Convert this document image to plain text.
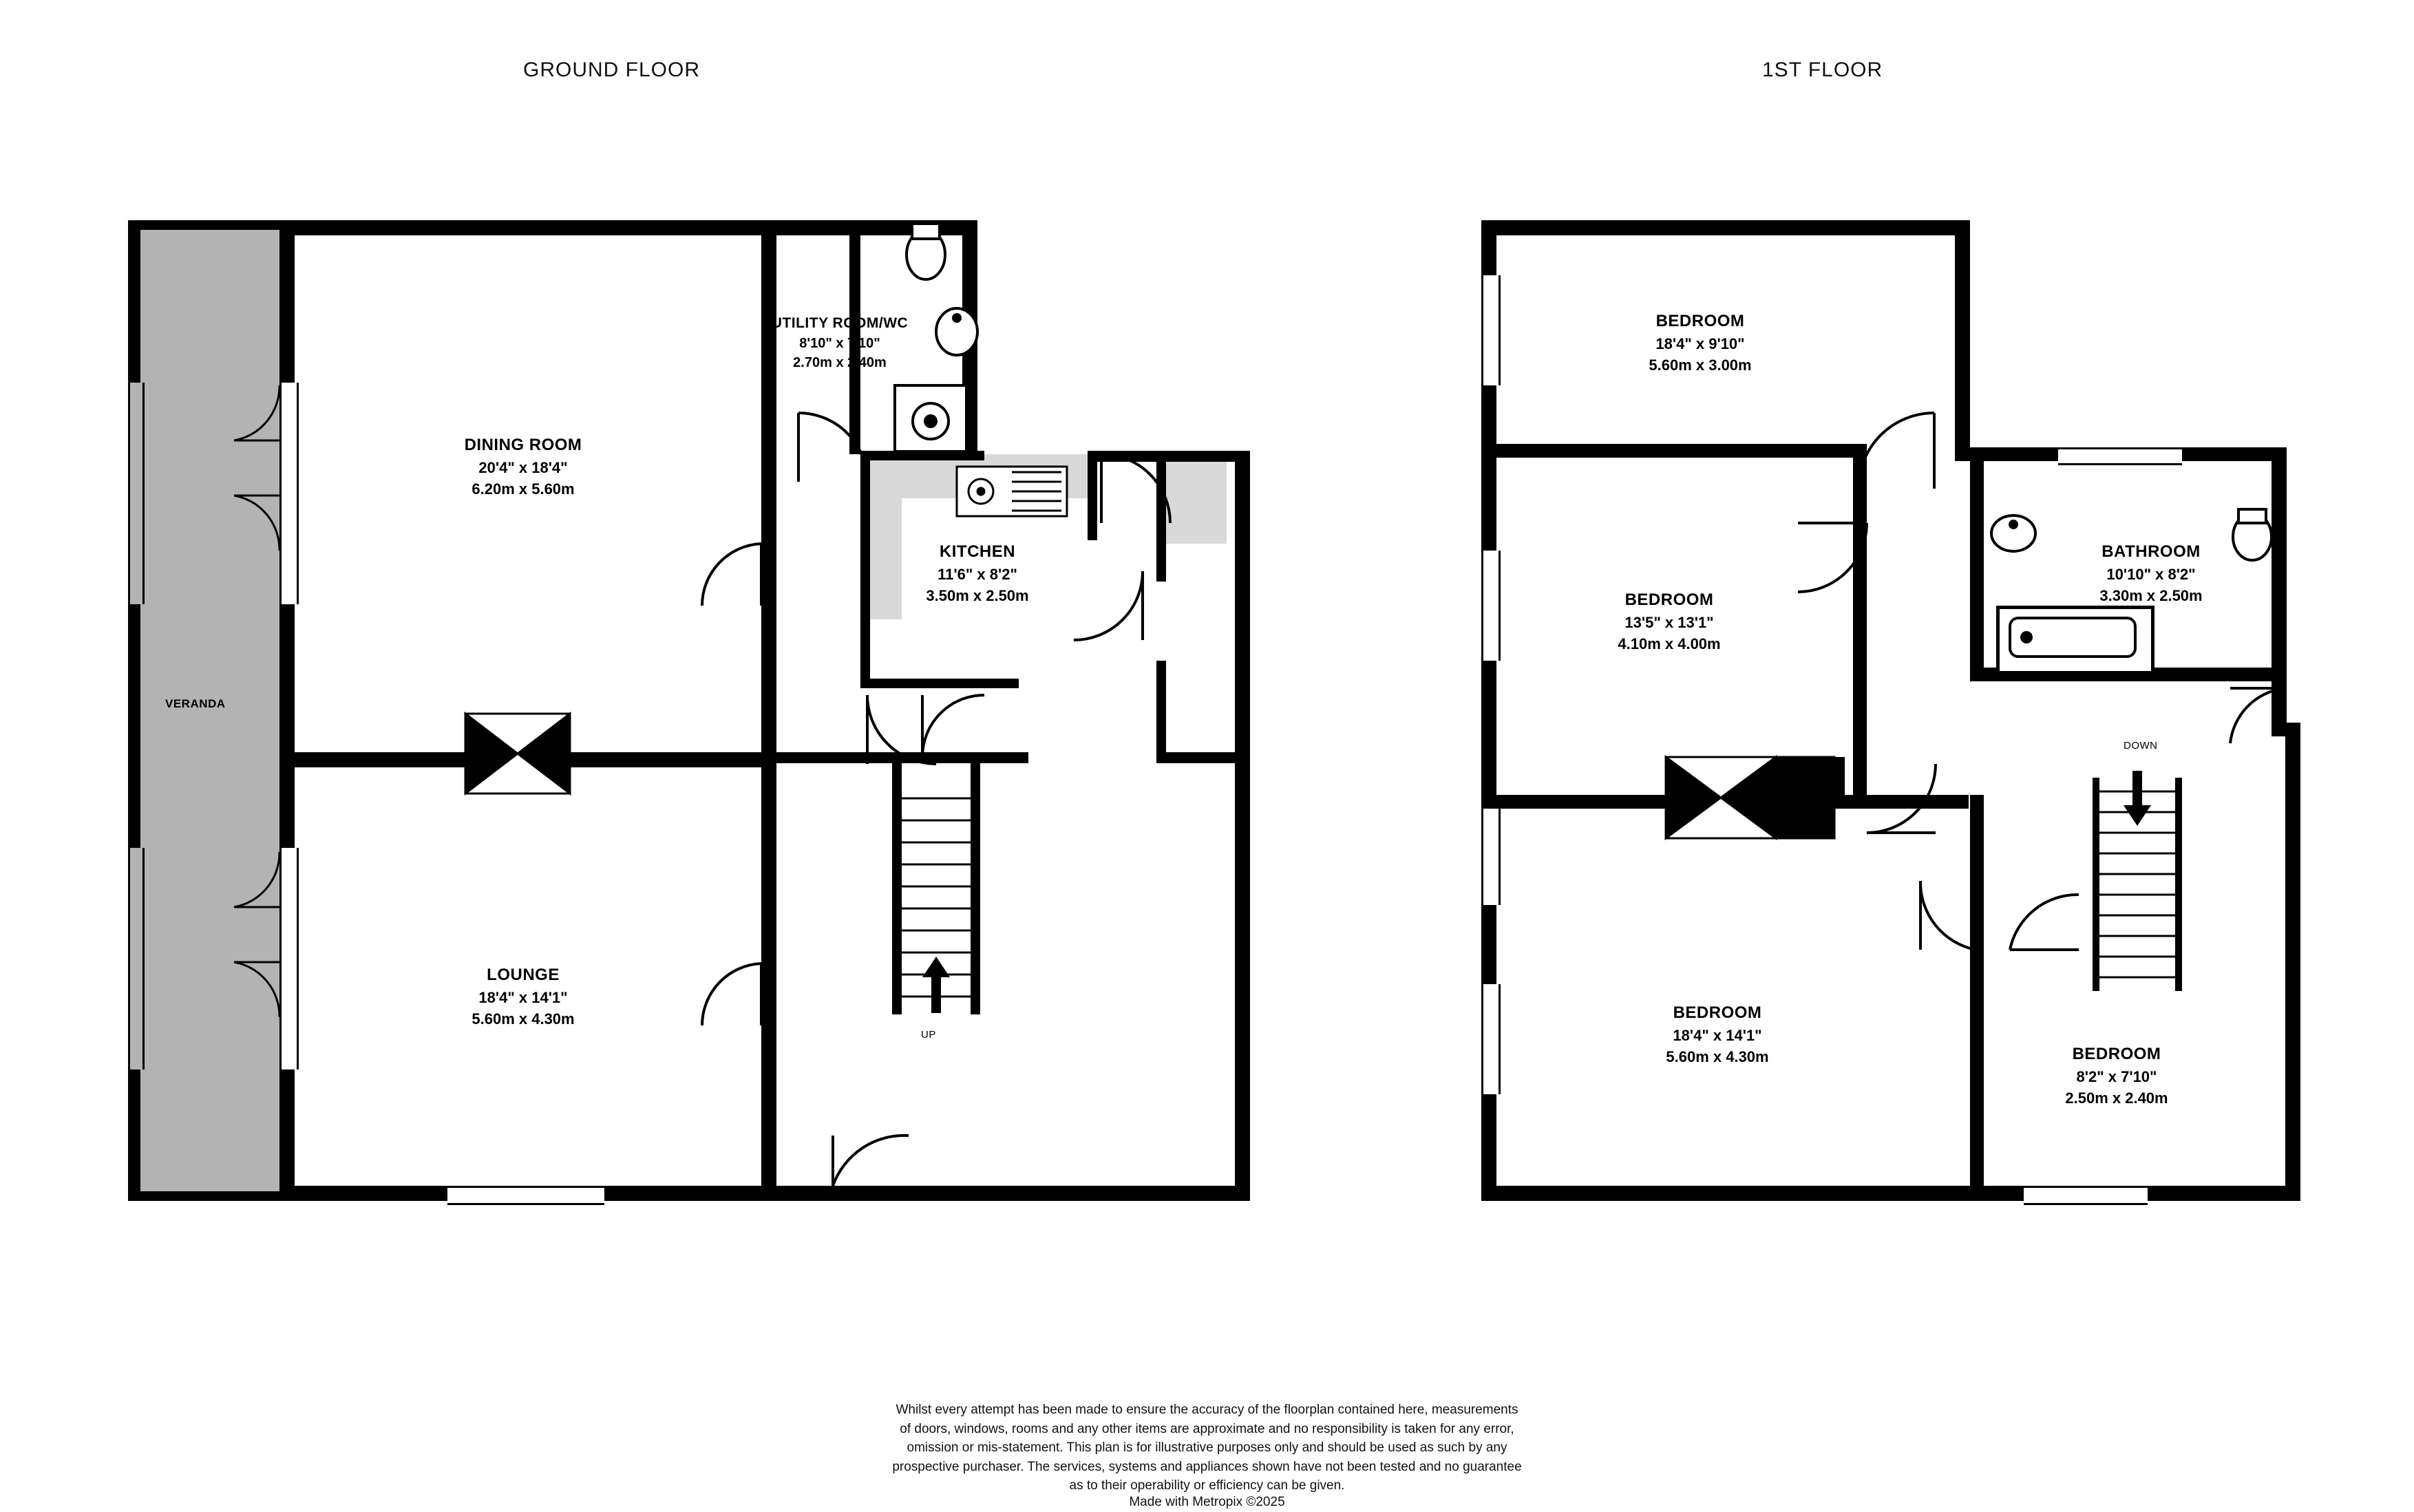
GROUND FLOOR	1ST FLOOR
DINING ROOM
20'4" x 18'4"
6.20m x 5.60m
UTILITY ROOM/WC
8'10" x 7'10"
2.70m x 2.40m
KITCHEN
11'6" x 8'2"
3.50m x 2.50m
LOUNGE
18'4" x 14'1"
5.60m x 4.30m
VERANDA
UP
BEDROOM
18'4" x 9'10"
5.60m x 3.00m
BEDROOM
13'5" x 13'1"
4.10m x 4.00m
BATHROOM
10'10" x 8'2"
3.30m x 2.50m
BEDROOM
18'4" x 14'1"
5.60m x 4.30m	BEDROOM
8'2" x 7'10"
2.50m x 2.40m
DOWN
Whilst every attempt has been made to ensure the accuracy of the floorplan contained here, measurements
of doors, windows, rooms and any other items are approximate and no responsibility is taken for any error,
omission or mis-statement. This plan is for illustrative purposes only and should be used as such by any
prospective purchaser. The services, systems and appliances shown have not been tested and no guarantee
as to their operability or efficiency can be given.
Made with Metropix ©2025
